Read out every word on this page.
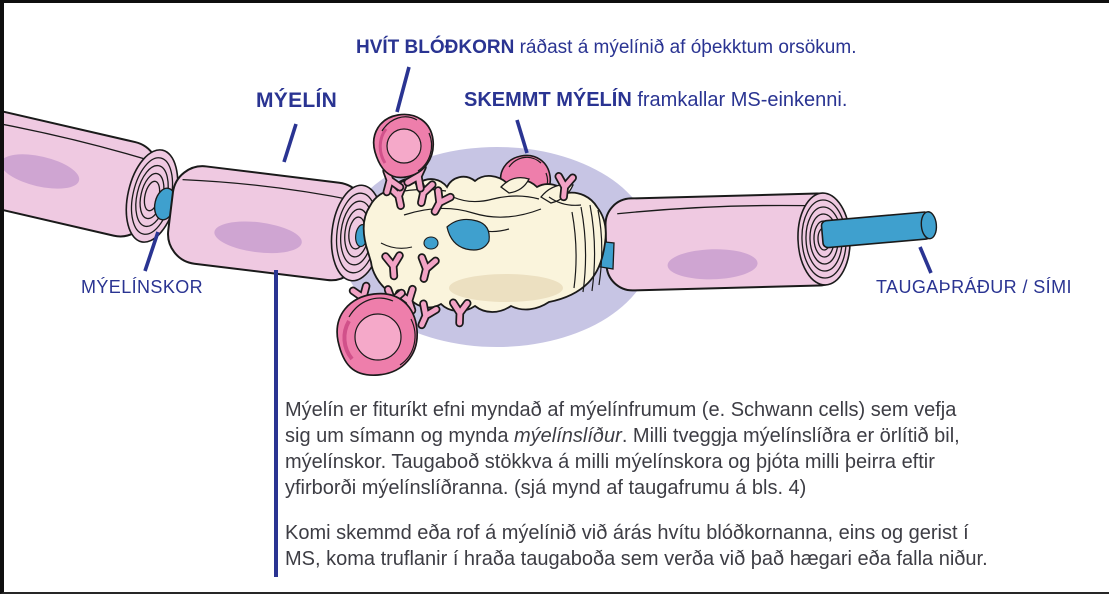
HVÍT BLÓÐKORN ráðast á mýelínið af óþekktum orsökum.
MÝELÍN	SKEMMT MÝELÍN framkallar MS-einkenni.
MÝELÍNSKOR	TAUGAÞRÁÐUR / SÍMI
Mýelín er fituríkt efni myndað af mýelínfrumum (e. Schwann cells) sem vefja
sig um símann og mynda mýelínslíður. Milli tveggja mýelínslíðra er örlítið bil,
mýelínskor. Taugaboð stökkva á milli mýelínskora og þjóta milli þeirra eftir
yfirborði mýelínslíðranna. (sjá mynd af taugafrumu á bls. 4)
Komi skemmd eða rof á mýelínið við árás hvítu blóðkornanna, eins og gerist í
MS, koma truflanir í hraða taugaboða sem verða við það hægari eða falla niður.
